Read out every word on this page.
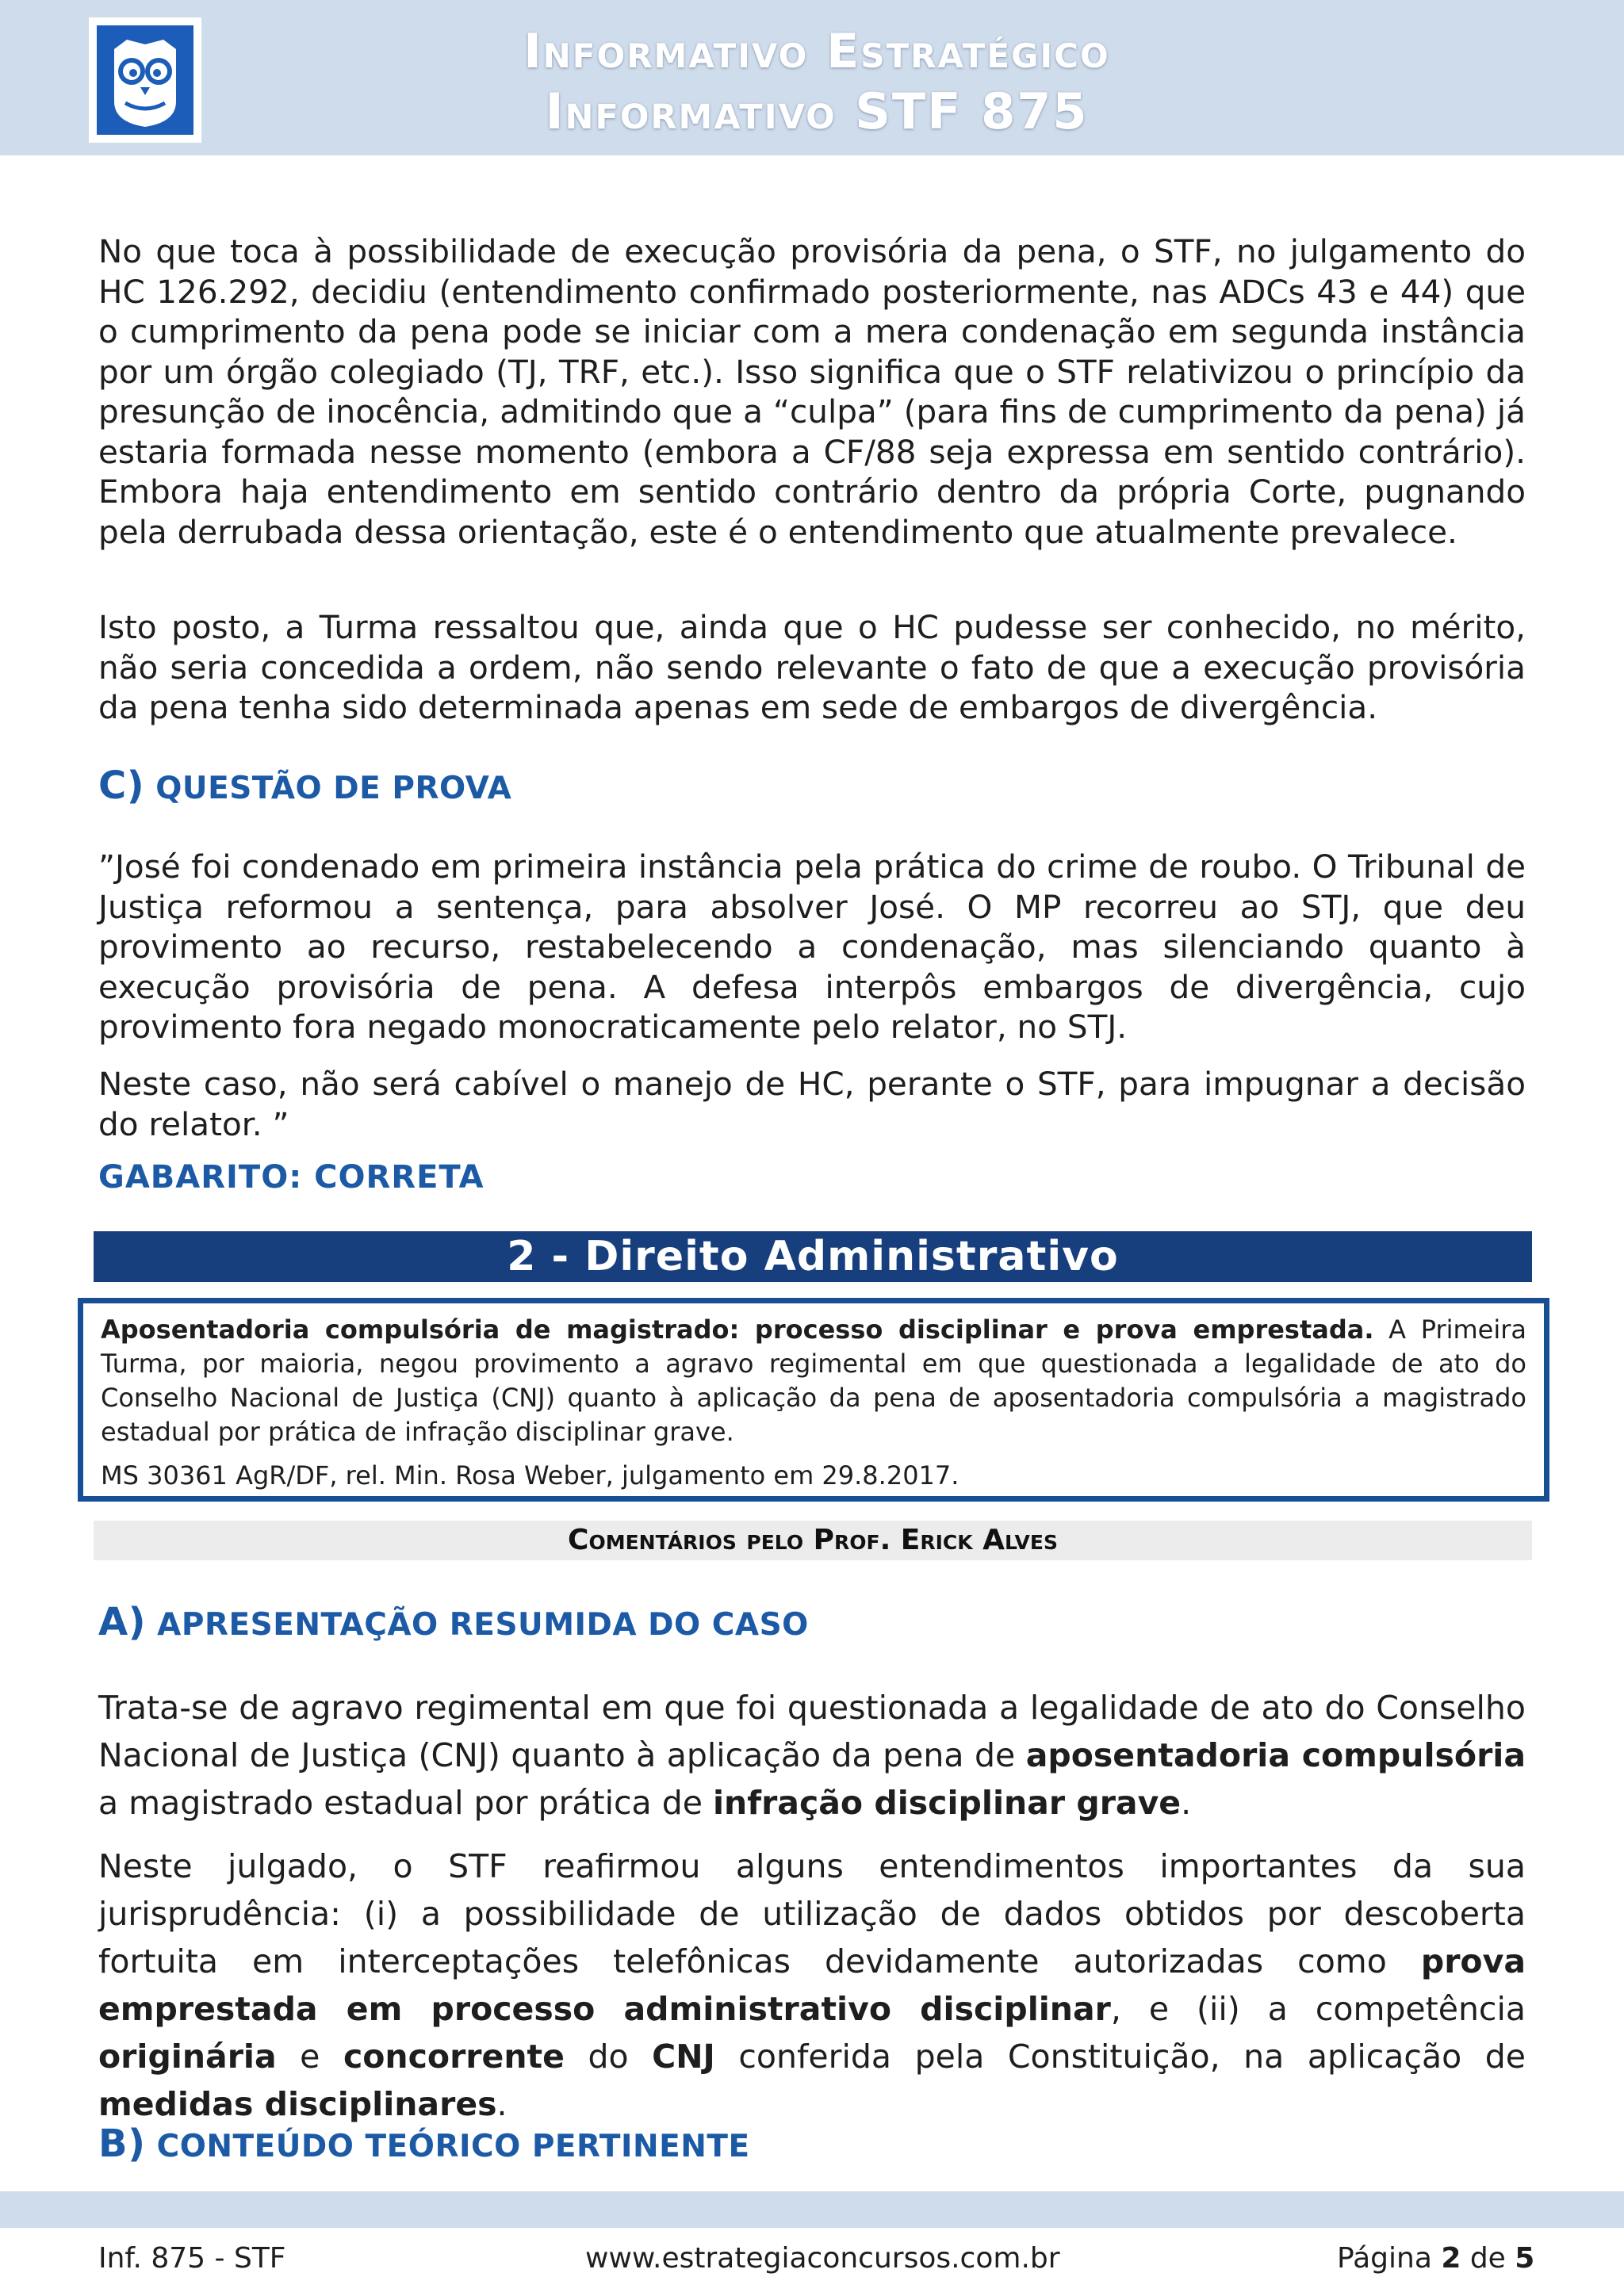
Informativo Estratégico
Informativo STF 875
No que toca à possibilidade de execução provisória da pena, o STF, no julgamento do HC 126.292, decidiu (entendimento confirmado posteriormente, nas ADCs 43 e 44) que o cumprimento da pena pode se iniciar com a mera condenação em segunda instância por um órgão colegiado (TJ, TRF, etc.). Isso significa que o STF relativizou o princípio da presunção de inocência, admitindo que a “culpa” (para fins de cumprimento da pena) já estaria formada nesse momento (embora a CF/88 seja expressa em sentido contrário). Embora haja entendimento em sentido contrário dentro da própria Corte, pugnando pela derrubada dessa orientação, este é o entendimento que atualmente prevalece.
Isto posto, a Turma ressaltou que, ainda que o HC pudesse ser conhecido, no mérito, não seria concedida a ordem, não sendo relevante o fato de que a execução provisória da pena tenha sido determinada apenas em sede de embargos de divergência.
C) QUESTÃO DE PROVA
”José foi condenado em primeira instância pela prática do crime de roubo. O Tribunal de Justiça reformou a sentença, para absolver José. O MP recorreu ao STJ, que deu provimento ao recurso, restabelecendo a condenação, mas silenciando quanto à execução provisória de pena. A defesa interpôs embargos de divergência, cujo provimento fora negado monocraticamente pelo relator, no STJ.
Neste caso, não será cabível o manejo de HC, perante o STF, para impugnar a decisão do relator. ”
GABARITO: CORRETA
2 - Direito Administrativo
Aposentadoria compulsória de magistrado: processo disciplinar e prova emprestada. A Primeira Turma, por maioria, negou provimento a agravo regimental em que questionada a legalidade de ato do Conselho Nacional de Justiça (CNJ) quanto à aplicação da pena de aposentadoria compulsória a magistrado estadual por prática de infração disciplinar grave.
MS 30361 AgR/DF, rel. Min. Rosa Weber, julgamento em 29.8.2017.
Comentários pelo Prof. Erick Alves
A) APRESENTAÇÃO RESUMIDA DO CASO
Trata-se de agravo regimental em que foi questionada a legalidade de ato do Conselho Nacional de Justiça (CNJ) quanto à aplicação da pena de aposentadoria compulsória a magistrado estadual por prática de infração disciplinar grave.
Neste julgado, o STF reafirmou alguns entendimentos importantes da sua jurisprudência: (i) a possibilidade de utilização de dados obtidos por descoberta fortuita em interceptações telefônicas devidamente autorizadas como prova emprestada em processo administrativo disciplinar, e (ii) a competência originária e concorrente do CNJ conferida pela Constituição, na aplicação de medidas disciplinares.
B) CONTEÚDO TEÓRICO PERTINENTE
Inf. 875 - STF	www.estrategiaconcursos.com.br	Página 2 de 5
